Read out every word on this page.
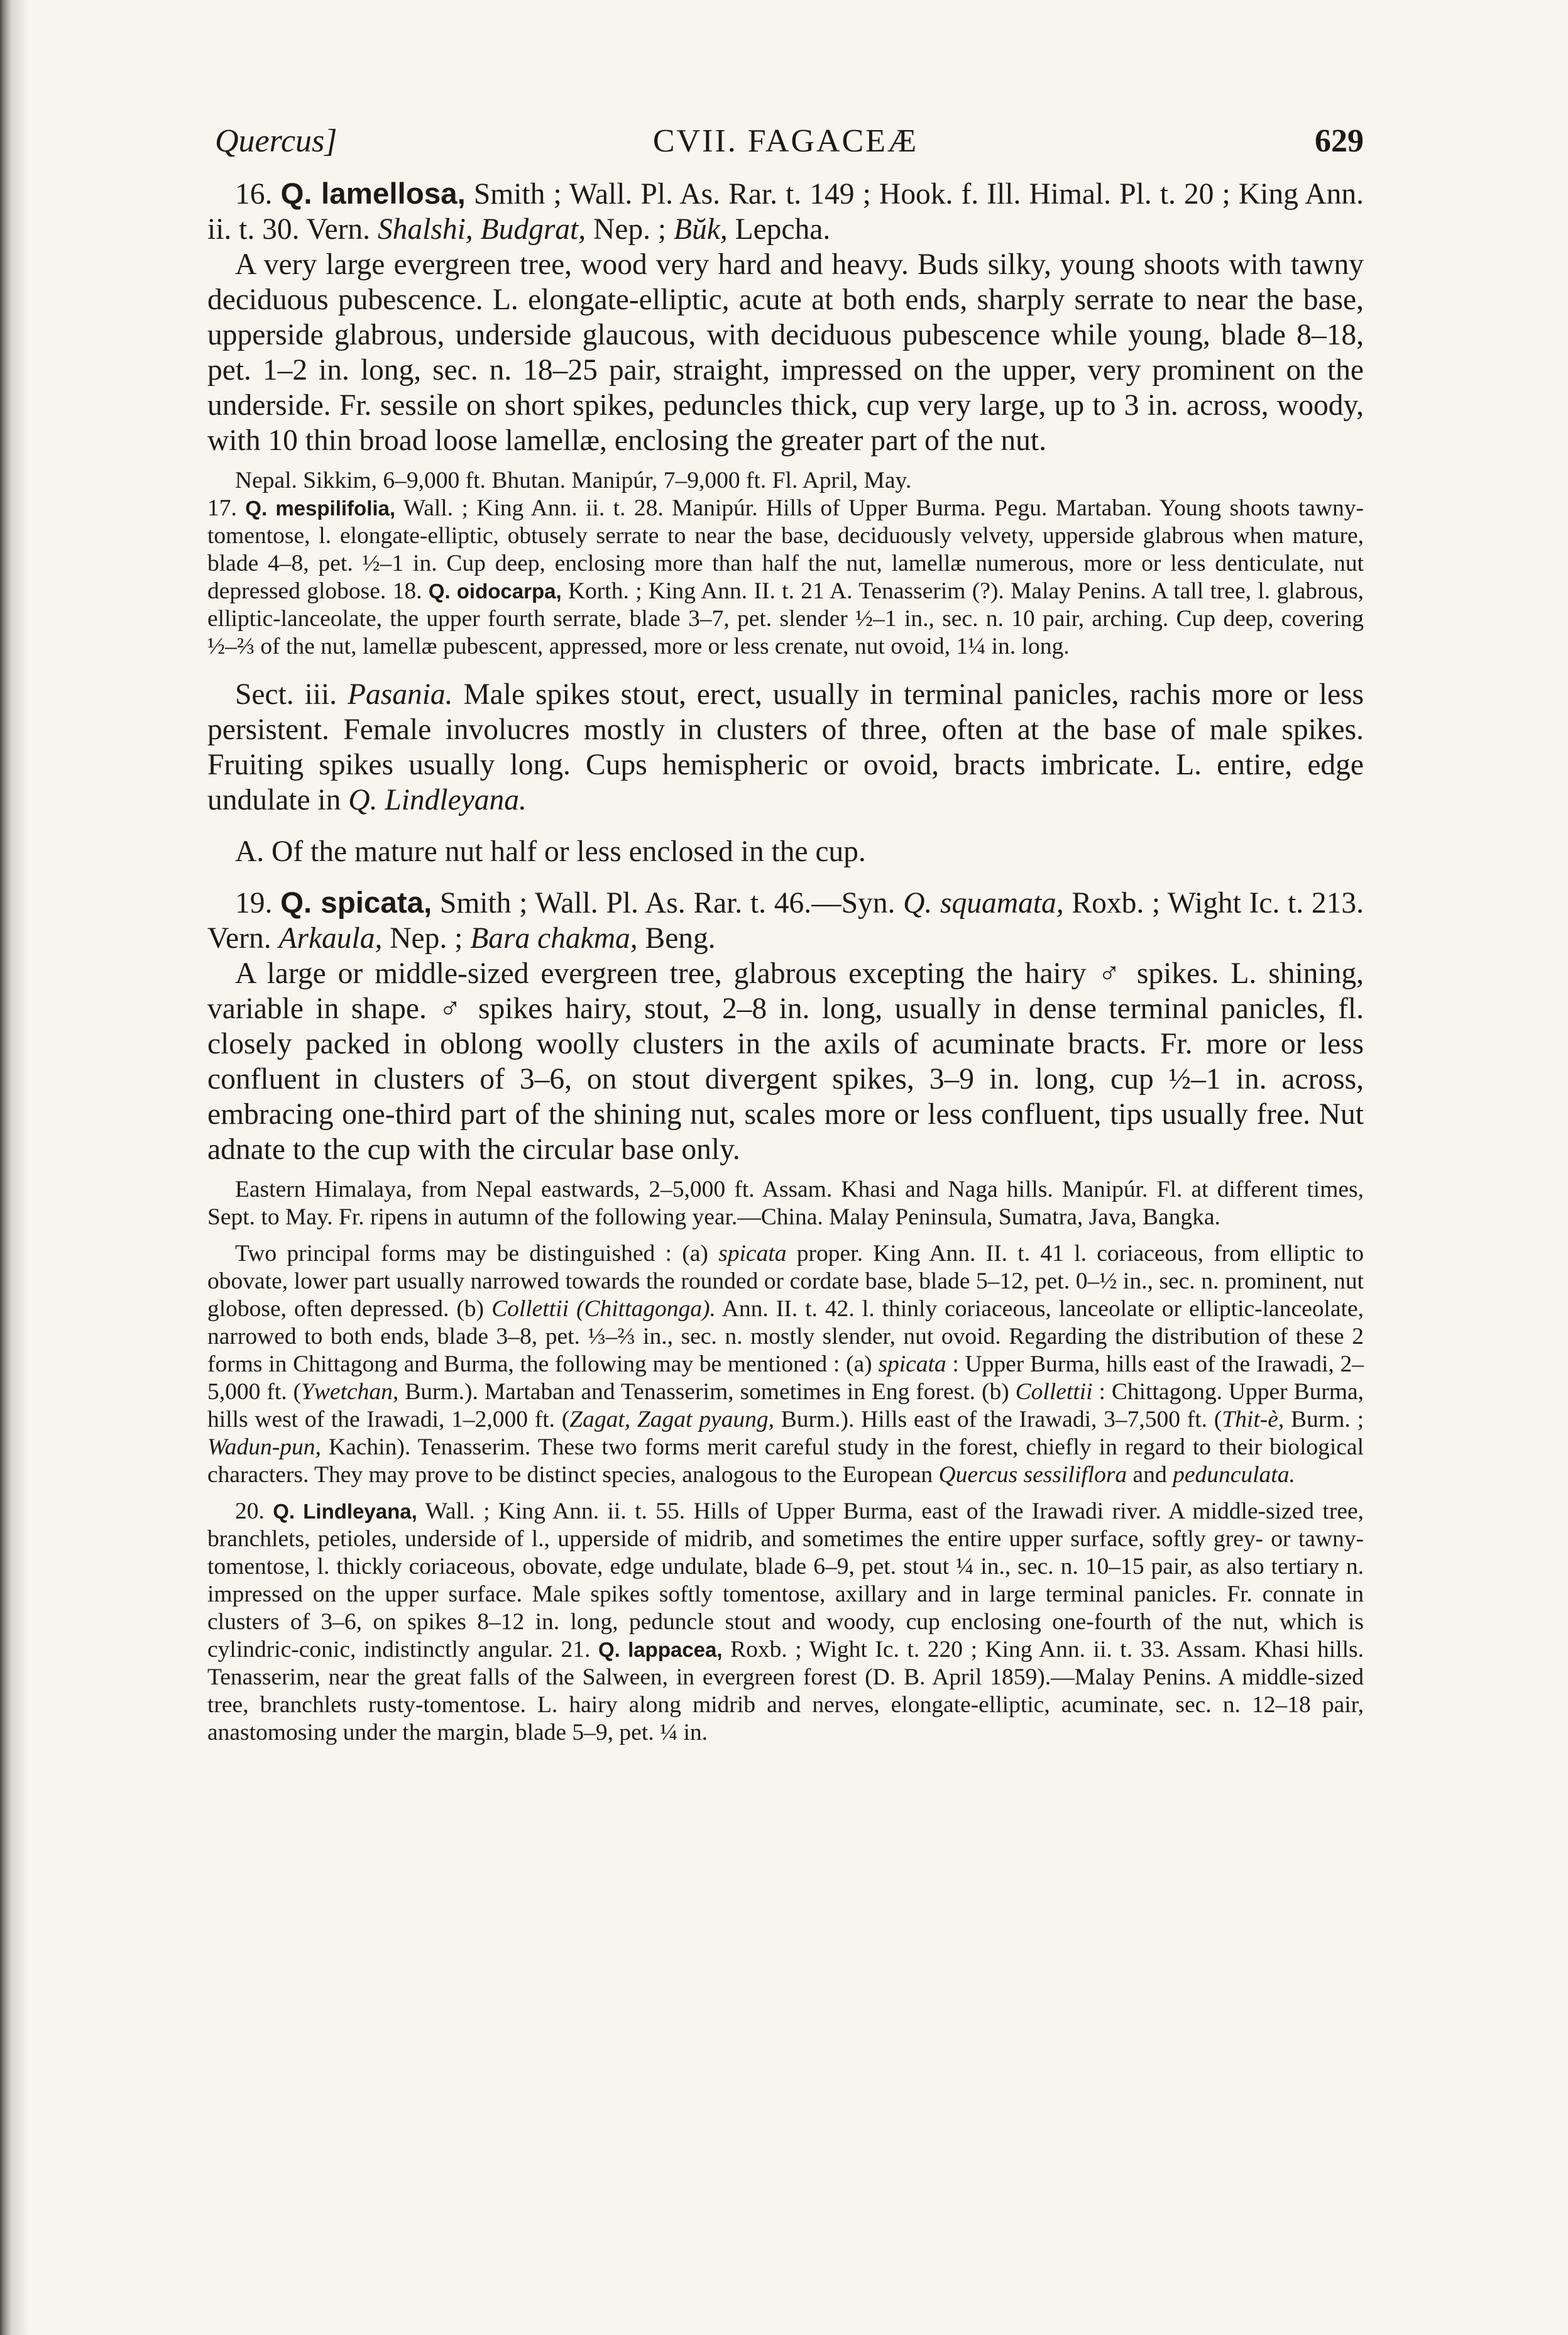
Quercus]	CVII. FAGACEÆ	629

16. Q. lamellosa, Smith ; Wall. Pl. As. Rar. t. 149 ; Hook. f. Ill. Himal. Pl. t. 20 ; King Ann. ii. t. 30. Vern. Shalshi, Budgrat, Nep. ; Bŭk, Lepcha.

A very large evergreen tree, wood very hard and heavy. Buds silky, young shoots with tawny deciduous pubescence. L. elongate-elliptic, acute at both ends, sharply serrate to near the base, upperside glabrous, underside glaucous, with deciduous pubescence while young, blade 8–18, pet. 1–2 in. long, sec. n. 18–25 pair, straight, impressed on the upper, very prominent on the underside. Fr. sessile on short spikes, peduncles thick, cup very large, up to 3 in. across, woody, with 10 thin broad loose lamellæ, enclosing the greater part of the nut.

Nepal. Sikkim, 6–9,000 ft. Bhutan. Manipúr, 7–9,000 ft. Fl. April, May.

17. Q. mespilifolia, Wall. ; King Ann. ii. t. 28. Manipúr. Hills of Upper Burma. Pegu. Martaban. Young shoots tawny-tomentose, l. elongate-elliptic, obtusely serrate to near the base, deciduously velvety, upperside glabrous when mature, blade 4–8, pet. ½–1 in. Cup deep, enclosing more than half the nut, lamellæ numerous, more or less denticulate, nut depressed globose. 18. Q. oidocarpa, Korth. ; King Ann. II. t. 21 A. Tenasserim (?). Malay Penins. A tall tree, l. glabrous, elliptic-lanceolate, the upper fourth serrate, blade 3–7, pet. slender ½–1 in., sec. n. 10 pair, arching. Cup deep, covering ½–⅔ of the nut, lamellæ pubescent, appressed, more or less crenate, nut ovoid, 1¼ in. long.

Sect. iii. Pasania. Male spikes stout, erect, usually in terminal panicles, rachis more or less persistent. Female involucres mostly in clusters of three, often at the base of male spikes. Fruiting spikes usually long. Cups hemispheric or ovoid, bracts imbricate. L. entire, edge undulate in Q. Lindleyana.

A. Of the mature nut half or less enclosed in the cup.

19. Q. spicata, Smith ; Wall. Pl. As. Rar. t. 46.—Syn. Q. squamata, Roxb. ; Wight Ic. t. 213. Vern. Arkaula, Nep. ; Bara chakma, Beng.

A large or middle-sized evergreen tree, glabrous excepting the hairy ♂ spikes. L. shining, variable in shape. ♂ spikes hairy, stout, 2–8 in. long, usually in dense terminal panicles, fl. closely packed in oblong woolly clusters in the axils of acuminate bracts. Fr. more or less confluent in clusters of 3–6, on stout divergent spikes, 3–9 in. long, cup ½–1 in. across, embracing one-third part of the shining nut, scales more or less confluent, tips usually free. Nut adnate to the cup with the circular base only.

Eastern Himalaya, from Nepal eastwards, 2–5,000 ft. Assam. Khasi and Naga hills. Manipúr. Fl. at different times, Sept. to May. Fr. ripens in autumn of the following year.—China. Malay Peninsula, Sumatra, Java, Bangka.

Two principal forms may be distinguished : (a) spicata proper. King Ann. II. t. 41 l. coriaceous, from elliptic to obovate, lower part usually narrowed towards the rounded or cordate base, blade 5–12, pet. 0–½ in., sec. n. prominent, nut globose, often depressed. (b) Collettii (Chittagonga). Ann. II. t. 42. l. thinly coriaceous, lanceolate or elliptic-lanceolate, narrowed to both ends, blade 3–8, pet. ⅓–⅔ in., sec. n. mostly slender, nut ovoid. Regarding the distribution of these 2 forms in Chittagong and Burma, the following may be mentioned : (a) spicata : Upper Burma, hills east of the Irawadi, 2–5,000 ft. (Ywetchan, Burm.). Martaban and Tenasserim, sometimes in Eng forest. (b) Collettii : Chittagong. Upper Burma, hills west of the Irawadi, 1–2,000 ft. (Zagat, Zagat pyaung, Burm.). Hills east of the Irawadi, 3–7,500 ft. (Thit-è, Burm. ; Wadun-pun, Kachin). Tenasserim. These two forms merit careful study in the forest, chiefly in regard to their biological characters. They may prove to be distinct species, analogous to the European Quercus sessiliflora and pedunculata.

20. Q. Lindleyana, Wall. ; King Ann. ii. t. 55. Hills of Upper Burma, east of the Irawadi river. A middle-sized tree, branchlets, petioles, underside of l., upperside of midrib, and sometimes the entire upper surface, softly grey- or tawny-tomentose, l. thickly coriaceous, obovate, edge undulate, blade 6–9, pet. stout ¼ in., sec. n. 10–15 pair, as also tertiary n. impressed on the upper surface. Male spikes softly tomentose, axillary and in large terminal panicles. Fr. connate in clusters of 3–6, on spikes 8–12 in. long, peduncle stout and woody, cup enclosing one-fourth of the nut, which is cylindric-conic, indistinctly angular. 21. Q. lappacea, Roxb. ; Wight Ic. t. 220 ; King Ann. ii. t. 33. Assam. Khasi hills. Tenasserim, near the great falls of the Salween, in evergreen forest (D. B. April 1859).—Malay Penins. A middle-sized tree, branchlets rusty-tomentose. L. hairy along midrib and nerves, elongate-elliptic, acuminate, sec. n. 12–18 pair, anastomosing under the margin, blade 5–9, pet. ¼ in.
